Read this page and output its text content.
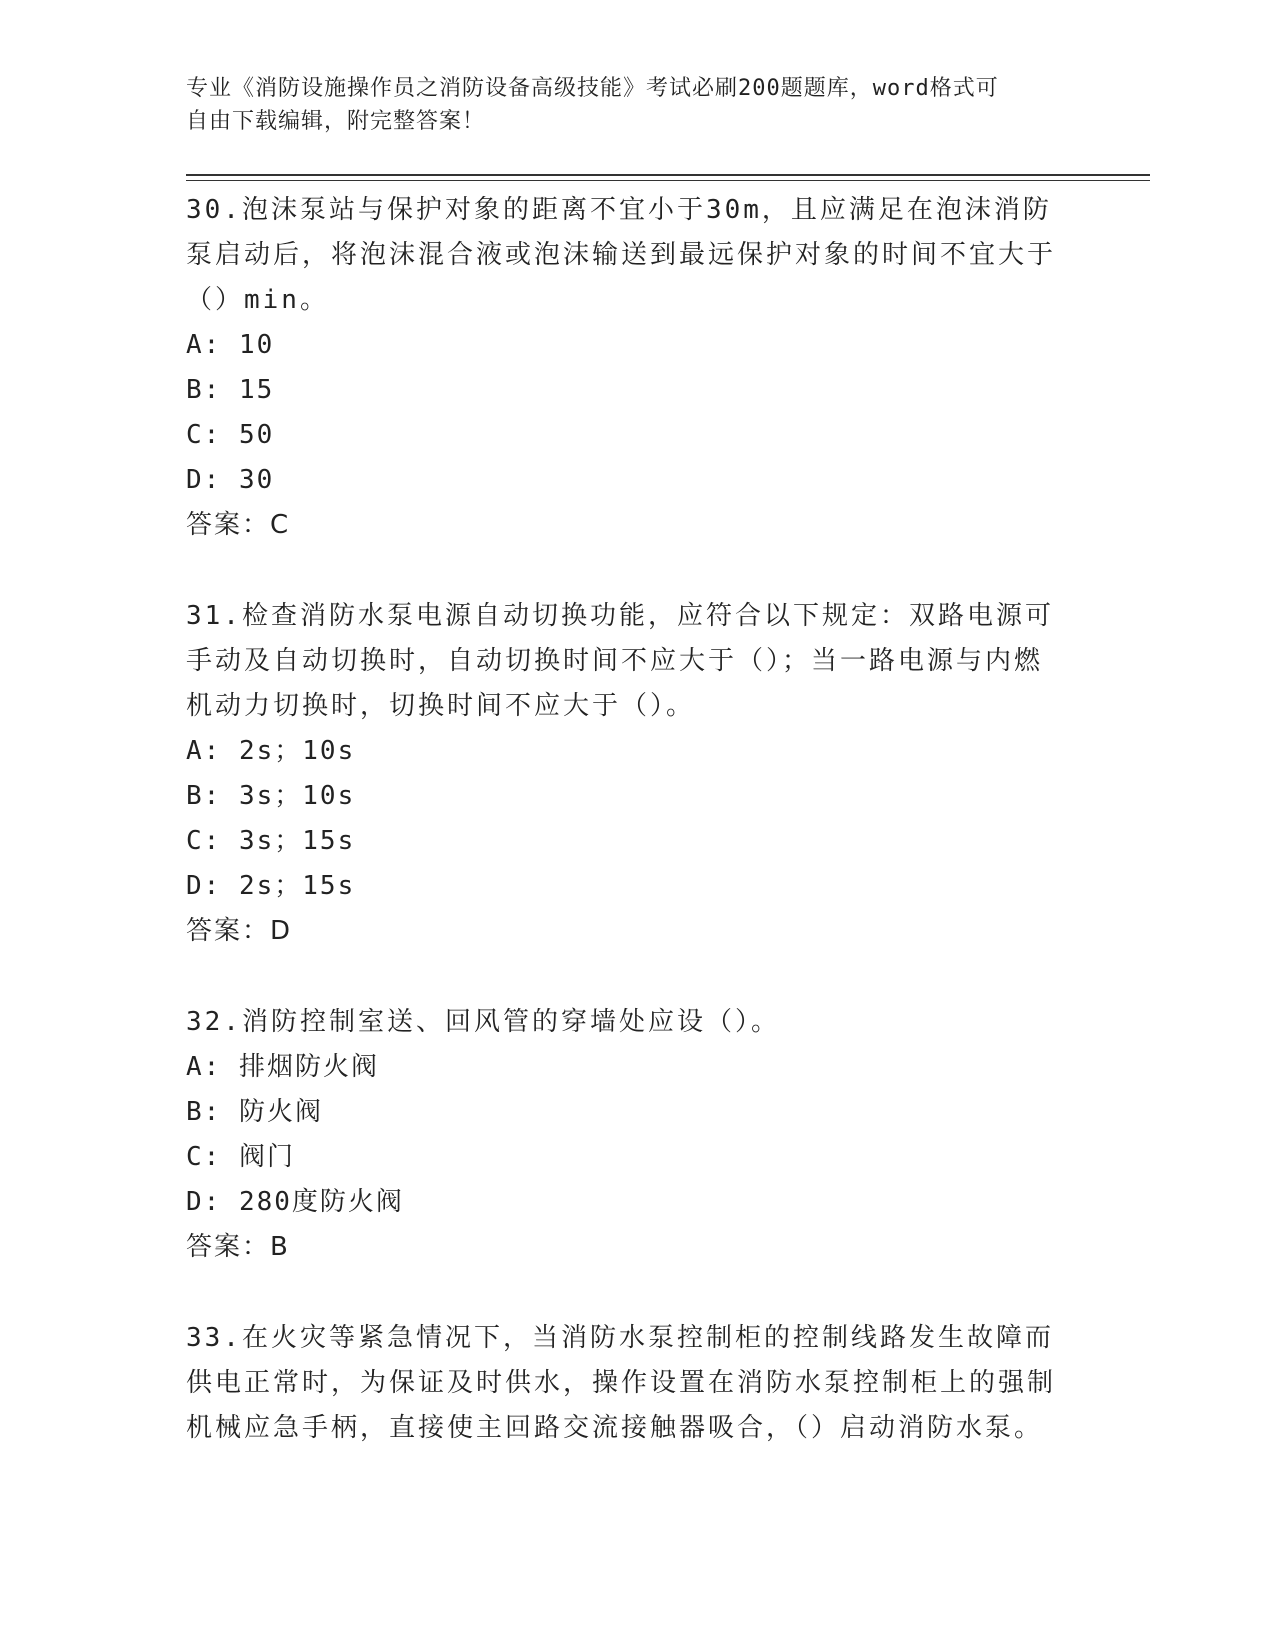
专业《消防设施操作员之消防设备高级技能》考试必刷200题题库，word格式可
自由下载编辑，附完整答案！

30.泡沫泵站与保护对象的距离不宜小于30m，且应满足在泡沫消防泵启动后，将泡沫混合液或泡沫输送到最远保护对象的时间不宜大于（）min。

A: 10

B: 15

C: 50

D: 30

答案：C

31.检查消防水泵电源自动切换功能，应符合以下规定：双路电源可手动及自动切换时，自动切换时间不应大于（）；当一路电源与内燃机动力切换时，切换时间不应大于（）。

A: 2s；10s

B: 3s；10s

C: 3s；15s

D: 2s；15s

答案：D

32.消防控制室送、回风管的穿墙处应设（）。

A: 排烟防火阀

B: 防火阀

C: 阀门

D: 280度防火阀

答案：B

33.在火灾等紧急情况下，当消防水泵控制柜的控制线路发生故障而供电正常时，为保证及时供水，操作设置在消防水泵控制柜上的强制机械应急手柄，直接使主回路交流接触器吸合，（）启动消防水泵。
